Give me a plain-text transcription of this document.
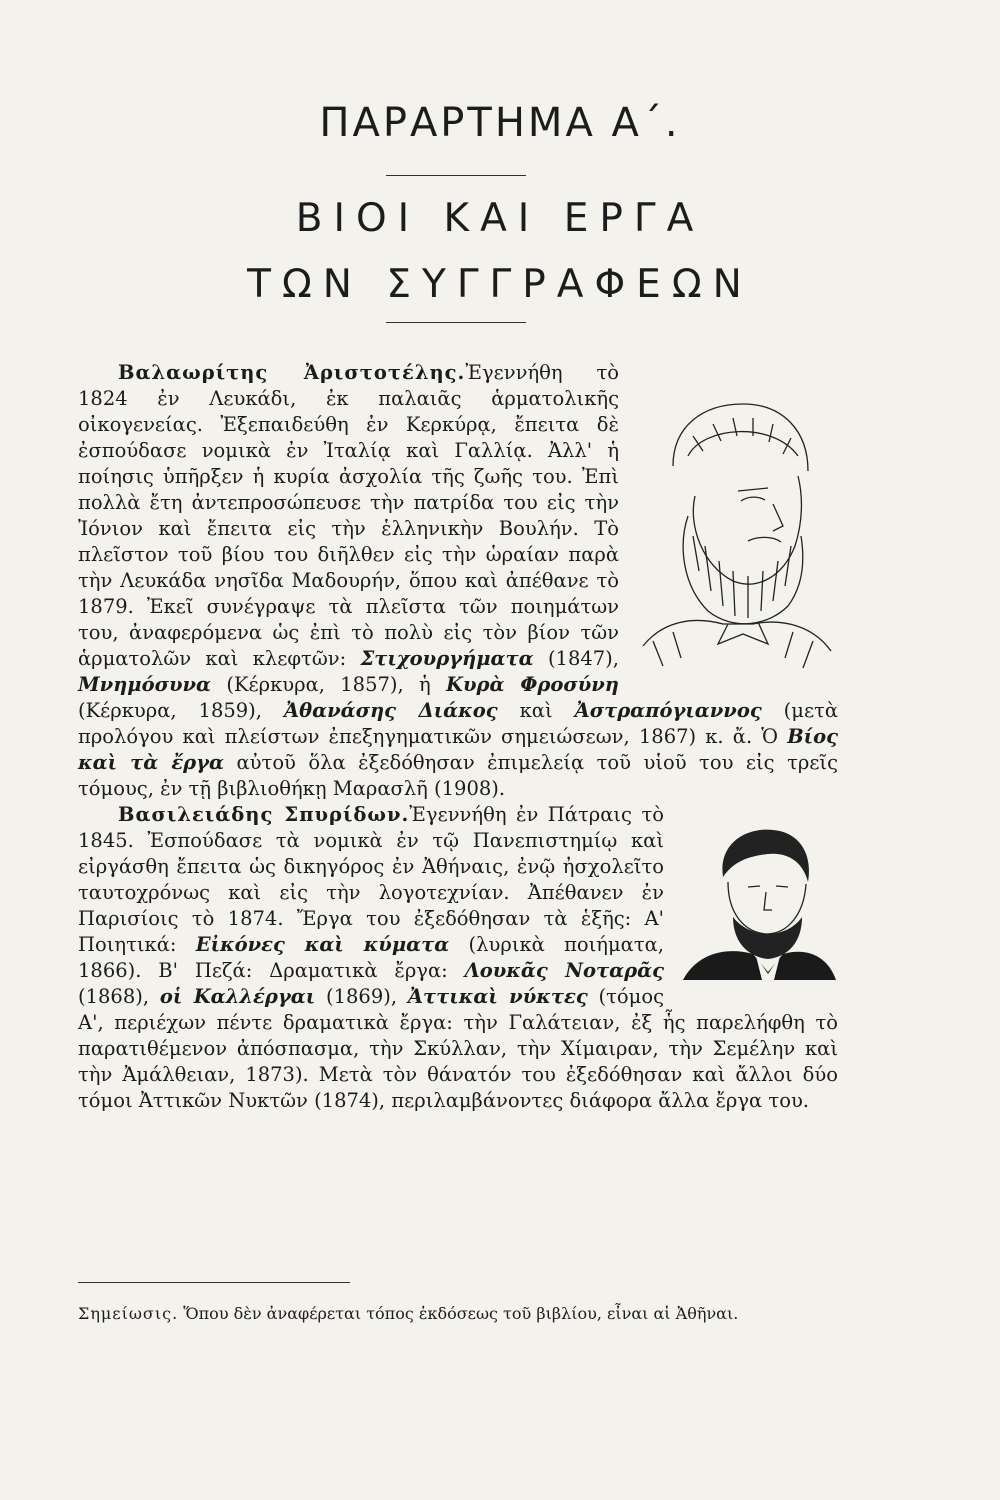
ΠΑΡΑΡΤΗΜΑ Α΄.
ΒΙΟΙ ΚΑΙ ΕΡΓΑ
ΤΩΝ ΣΥΓΓΡΑΦΕΩΝ

Βαλαωρίτης Ἀριστοτέλης.Ἐγεννήθη τὸ 1824 ἐν Λευκάδι, ἐκ παλαιᾶς ἁρματολικῆς οἰκογενείας. Ἐξεπαιδεύθη ἐν Κερκύρᾳ, ἔπειτα δὲ ἐσπούδασε νομικὰ ἐν Ἰταλίᾳ καὶ Γαλλίᾳ. Ἀλλ' ἡ ποίησις ὑπῆρξεν ἡ κυρία ἀσχολία τῆς ζωῆς του. Ἐπὶ πολλὰ ἔτη ἀντεπροσώπευσε τὴν πατρίδα του εἰς τὴν Ἰόνιον καὶ ἔπειτα εἰς τὴν ἑλληνικὴν Βουλήν. Τὸ πλεῖστον τοῦ βίου του διῆλθεν εἰς τὴν ὡραίαν παρὰ τὴν Λευκάδα νησῖδα Μαδουρήν, ὅπου καὶ ἀπέθανε τὸ 1879. Ἐκεῖ συνέγραψε τὰ πλεῖστα τῶν ποιημάτων του, ἀναφερόμενα ὡς ἐπὶ τὸ πολὺ εἰς τὸν βίον τῶν ἁρματολῶν καὶ κλεφτῶν: Στιχουργήματα (1847), Μνημόσυνα (Κέρκυρα, 1857), ἡ Κυρὰ Φροσύνη (Κέρκυρα, 1859), Ἀθανάσης Διάκος καὶ Ἀστραπόγιαννος (μετὰ προλόγου καὶ πλείστων ἐπεξηγηματικῶν σημειώσεων, 1867) κ. ἄ. Ὁ Βίος καὶ τὰ ἔργα αὐτοῦ ὅλα ἐξεδόθησαν ἐπιμελείᾳ τοῦ υἱοῦ του εἰς τρεῖς τόμους, ἐν τῇ βιβλιοθήκῃ Μαρασλῆ (1908).

Βασιλειάδης Σπυρίδων.Ἐγεννήθη ἐν Πάτραις τὸ 1845. Ἐσπούδασε τὰ νομικὰ ἐν τῷ Πανεπιστημίῳ καὶ εἰργάσθη ἔπειτα ὡς δικηγόρος ἐν Ἀθήναις, ἐνῷ ἠσχολεῖτο ταυτοχρόνως καὶ εἰς τὴν λογοτεχνίαν. Ἀπέθανεν ἐν Παρισίοις τὸ 1874. Ἔργα του ἐξεδόθησαν τὰ ἑξῆς: Α' Ποιητικά: Εἰκόνες καὶ κύματα (λυρικὰ ποιήματα, 1866). Β' Πεζά: Δραματικὰ ἔργα: Λουκᾶς Νοταρᾶς (1868), οἱ Καλλέργαι (1869), Ἀττικαὶ νύκτες (τόμος Α', περιέχων πέντε δραματικὰ ἔργα: τὴν Γαλάτειαν, ἐξ ἧς παρελήφθη τὸ παρατιθέμενον ἀπόσπασμα, τὴν Σκύλλαν, τὴν Χίμαιραν, τὴν Σεμέλην καὶ τὴν Ἀμάλθειαν, 1873). Μετὰ τὸν θάνατόν του ἐξεδόθησαν καὶ ἄλλοι δύο τόμοι Ἀττικῶν Νυκτῶν (1874), περιλαμβάνοντες διάφορα ἄλλα ἔργα του.

Σημείωσις. Ὅπου δὲν ἀναφέρεται τόπος ἐκδόσεως τοῦ βιβλίου, εἶναι αἱ Ἀθῆναι.
